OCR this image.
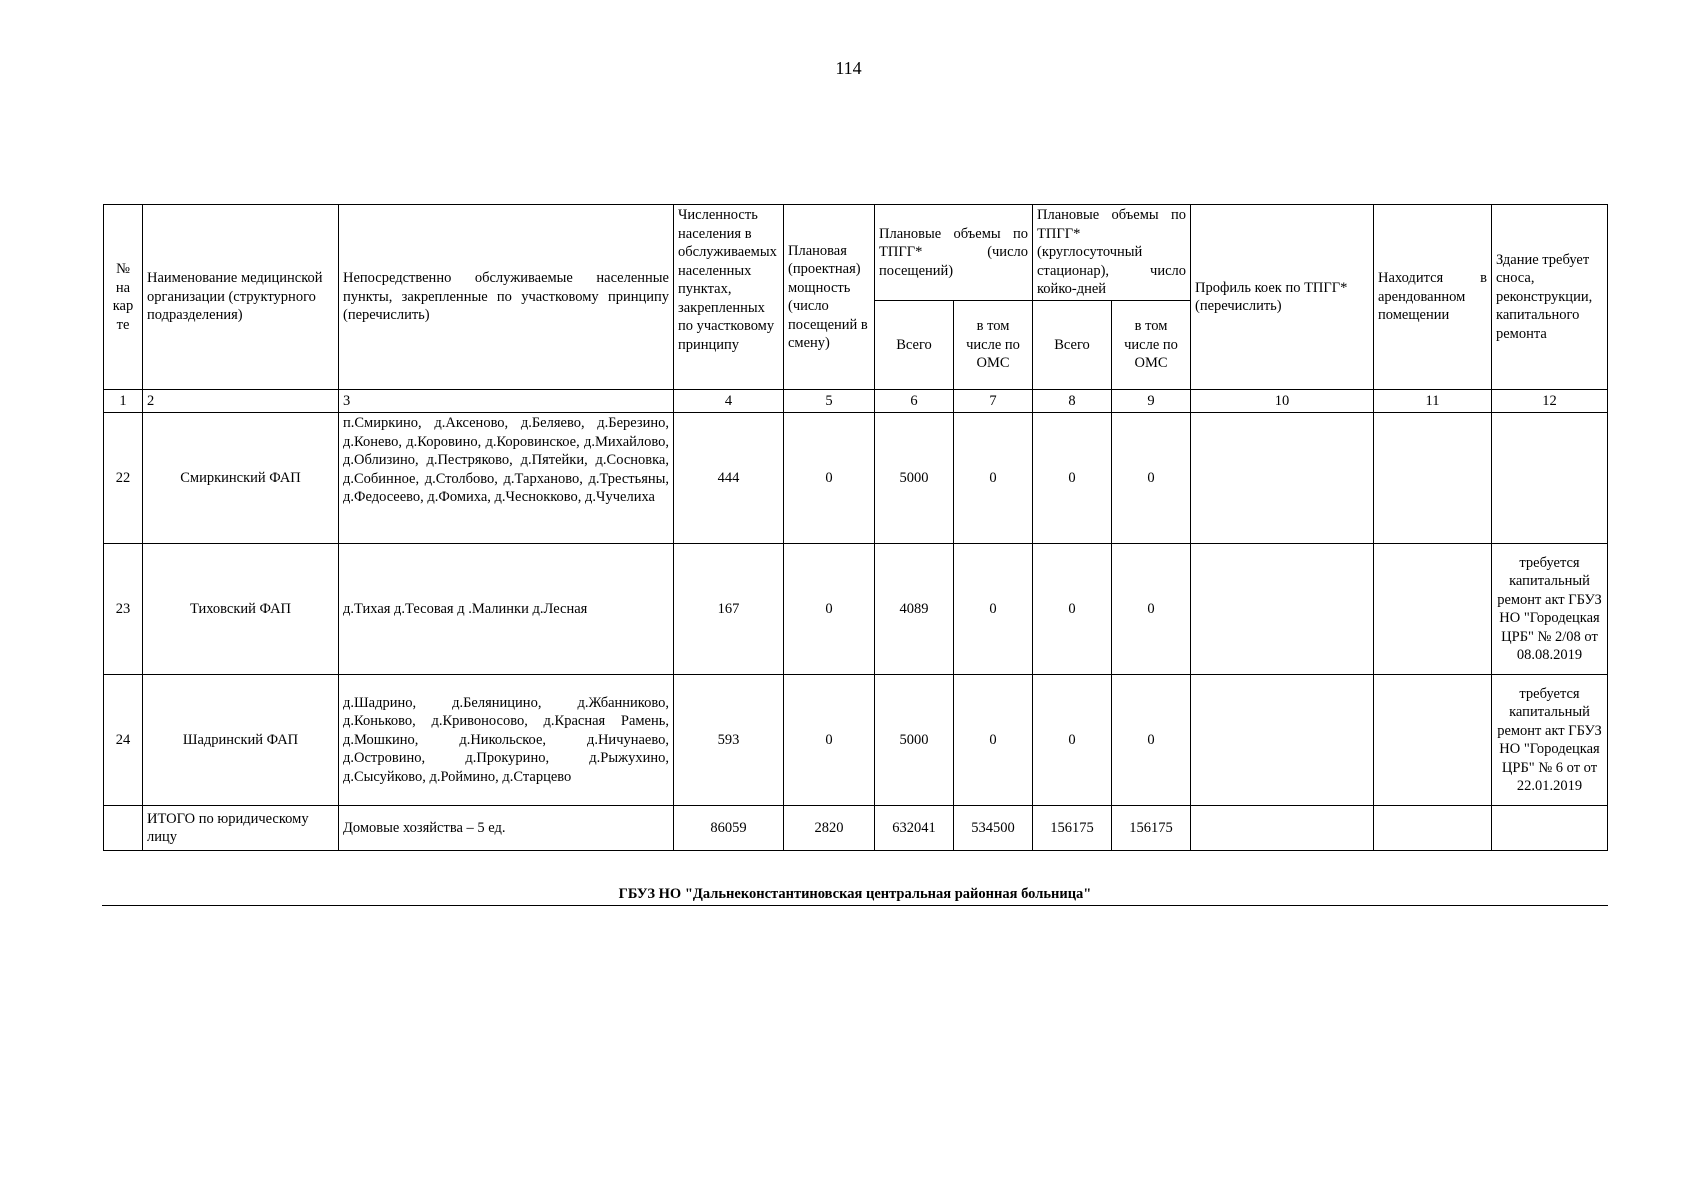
114
№ на кар те	Наименование медицинской организации (структурного подразделения)	Непосредственно обслуживаемые населенные пункты, закрепленные по участковому принципу (перечислить)	Численность населения в обслуживаемых населенных пунктах, закрепленных по участковому принципу	Плановая (проектная) мощность (число посещений в смену)	Плановые объемы по ТПГГ* (число посещений)		Плановые объемы по ТПГГ* (круглосуточный стационар), число койко-дней		Профиль коек по ТПГГ* (перечислить)	Находится в арендованном помещении	Здание требует сноса, реконструкции, капитального ремонта
					Всего	в том числе по ОМС	Всего	в том числе по ОМС			
1	2	3	4	5	6	7	8	9	10	11	12
22	Смиркинский ФАП	п.Смиркино, д.Аксеново, д.Беляево, д.Березино, д.Конево, д.Коровино, д.Коровинское, д.Михайлово, д.Облизино, д.Пестряково, д.Пятейки, д.Сосновка, д.Собинное, д.Столбово, д.Тарханово, д.Трестьяны, д.Федосеево, д.Фомиха, д.Чеснокково, д.Чучелиха	444	0	5000	0	0	0			
23	Тиховский ФАП	д.Тихая д.Тесовая д .Малинки д.Лесная	167	0	4089	0	0	0			требуется капитальный ремонт акт ГБУЗ НО "Городецкая ЦРБ" № 2/08 от 08.08.2019
24	Шадринский ФАП	д.Шадрино, д.Беляницино, д.Жбанниково, д.Коньково, д.Кривоносово, д.Красная Рамень, д.Мошкино, д.Никольское, д.Ничунаево, д.Островино, д.Прокурино, д.Рыжухино, д.Сысуйково, д.Роймино, д.Старцево	593	0	5000	0	0	0			требуется капитальный ремонт акт ГБУЗ НО "Городецкая ЦРБ" № 6 от от 22.01.2019
	ИТОГО по юридическому лицу	Домовые хозяйства – 5 ед.	86059	2820	632041	534500	156175	156175			
ГБУЗ НО "Дальнеконстантиновская центральная районная больница"
